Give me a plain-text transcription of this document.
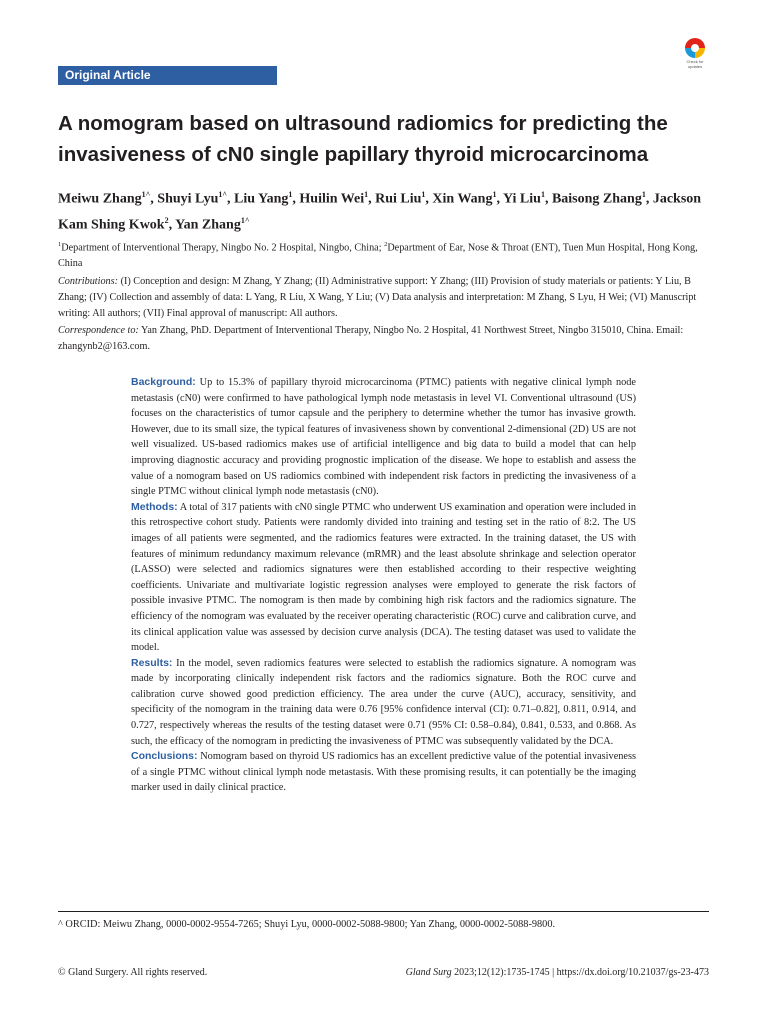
Original Article
Check for updates
A nomogram based on ultrasound radiomics for predicting the invasiveness of cN0 single papillary thyroid microcarcinoma

Meiwu Zhang$^{1\^{}}$, Shuyi Lyu$^{1\^{}}$, Liu Yang$^1$, Huilin Wei$^1$, Rui Liu$^1$, Xin Wang$^1$, Yi Liu$^1$, Baisong Zhang$^1$, Jackson Kam Shing Kwok$^2$, Yan Zhang$^{1\^{}}$

$^1$Department of Interventional Therapy, Ningbo No. 2 Hospital, Ningbo, China; $^2$Department of Ear, Nose & Throat (ENT), Tuen Mun Hospital, Hong Kong, China

Contributions: (I) Conception and design: M Zhang, Y Zhang; (II) Administrative support: Y Zhang; (III) Provision of study materials or patients: Y Liu, B Zhang; (IV) Collection and assembly of data: L Yang, R Liu, X Wang, Y Liu; (V) Data analysis and interpretation: M Zhang, S Lyu, H Wei; (VI) Manuscript writing: All authors; (VII) Final approval of manuscript: All authors.

Correspondence to: Yan Zhang, PhD. Department of Interventional Therapy, Ningbo No. 2 Hospital, 41 Northwest Street, Ningbo 315010, China. Email: zhangynb2@163.com.

Background: Up to 15.3% of papillary thyroid microcarcinoma (PTMC) patients with negative clinical lymph node metastasis (cN0) were confirmed to have pathological lymph node metastasis in level VI. Conventional ultrasound (US) focuses on the characteristics of tumor capsule and the periphery to determine whether the tumor has invasive growth. However, due to its small size, the typical features of invasiveness shown by conventional 2-dimensional (2D) US are not well visualized. US-based radiomics makes use of artificial intelligence and big data to build a model that can help improving diagnostic accuracy and providing prognostic implication of the disease. We hope to establish and assess the value of a nomogram based on US radiomics combined with independent risk factors in predicting the invasiveness of a single PTMC without clinical lymph node metastasis (cN0).

Methods: A total of 317 patients with cN0 single PTMC who underwent US examination and operation were included in this retrospective cohort study. Patients were randomly divided into training and testing set in the ratio of 8:2. The US images of all patients were segmented, and the radiomics features were extracted. In the training dataset, the US with features of minimum redundancy maximum relevance (mRMR) and the least absolute shrinkage and selection operator (LASSO) were selected and radiomics signatures were then established according to their respective weighting coefficients. Univariate and multivariate logistic regression analyses were employed to generate the risk factors of possible invasive PTMC. The nomogram is then made by combining high risk factors and the radiomics signature. The efficiency of the nomogram was evaluated by the receiver operating characteristic (ROC) curve and calibration curve, and its clinical application value was assessed by decision curve analysis (DCA). The testing dataset was used to validate the model.

Results: In the model, seven radiomics features were selected to establish the radiomics signature. A nomogram was made by incorporating clinically independent risk factors and the radiomics signature. Both the ROC curve and calibration curve showed good prediction efficiency. The area under the curve (AUC), accuracy, sensitivity, and specificity of the nomogram in the training data were 0.76 [95% confidence interval (CI): 0.71–0.82], 0.811, 0.914, and 0.727, respectively whereas the results of the testing dataset were 0.71 (95% CI: 0.58–0.84), 0.841, 0.533, and 0.868. As such, the efficacy of the nomogram in predicting the invasiveness of PTMC was subsequently validated by the DCA.

Conclusions: Nomogram based on thyroid US radiomics has an excellent predictive value of the potential invasiveness of a single PTMC without clinical lymph node metastasis. With these promising results, it can potentially be the imaging marker used in daily clinical practice.

^ ORCID: Meiwu Zhang, 0000-0002-9554-7265; Shuyi Lyu, 0000-0002-5088-9800; Yan Zhang, 0000-0002-5088-9800.
© Gland Surgery. All rights reserved.	Gland Surg 2023;12(12):1735-1745 | https://dx.doi.org/10.21037/gs-23-473
